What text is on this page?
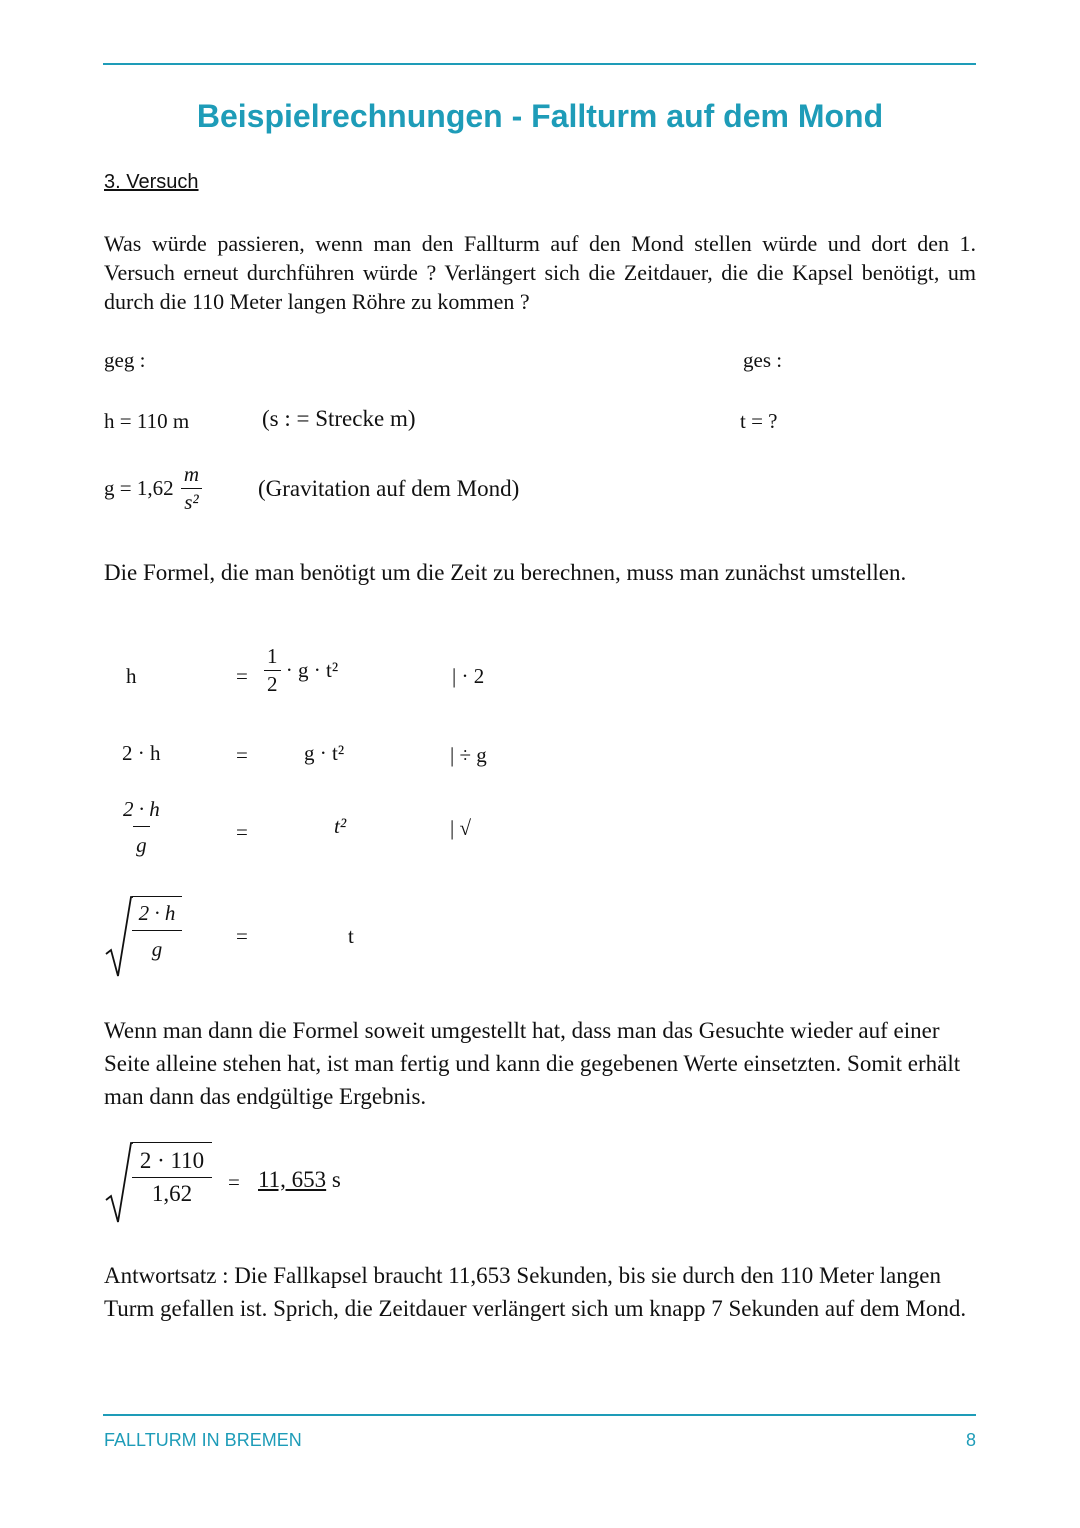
Beispielrechnungen - Fallturm auf dem Mond
3. Versuch
Was würde passieren, wenn man den Fallturm auf den Mond stellen würde und dort den 1. Versuch erneut durchführen würde ? Verlängert sich die Zeitdauer, die die Kapsel benötigt, um durch die 110 Meter langen Röhre zu kommen ?
geg :	ges :
h = 110 m	(s : = Strecke m)	t = ?
$g = 1,62 \frac{m}{\text{s²}}$ (Gravitation auf dem Mond)
Die Formel, die man benötigt um die Zeit zu berechnen, muss man zunächst umstellen.
h	= $\frac{1}{2} \cdot g \cdot t^2$	| · 2
2 · h	=	g · t²	| ÷ g
$\frac{2 \cdot h}{g}$	=	t²	| √
$\frac{2 \cdot h}{g}$	=	t
Wenn man dann die Formel soweit umgestellt hat, dass man das Gesuchte wieder auf einer Seite alleine stehen hat, ist man fertig und kann die gegebenen Werte einsetzten. Somit erhält man dann das endgültige Ergebnis.
$\frac{2 \cdot 110}{1,62} = 11$, 653 s
Antwortsatz : Die Fallkapsel braucht 11,653 Sekunden, bis sie durch den 110 Meter langen Turm gefallen ist. Sprich, die Zeitdauer verlängert sich um knapp 7 Sekunden auf dem Mond.
FALLTURM IN BREMEN	8
